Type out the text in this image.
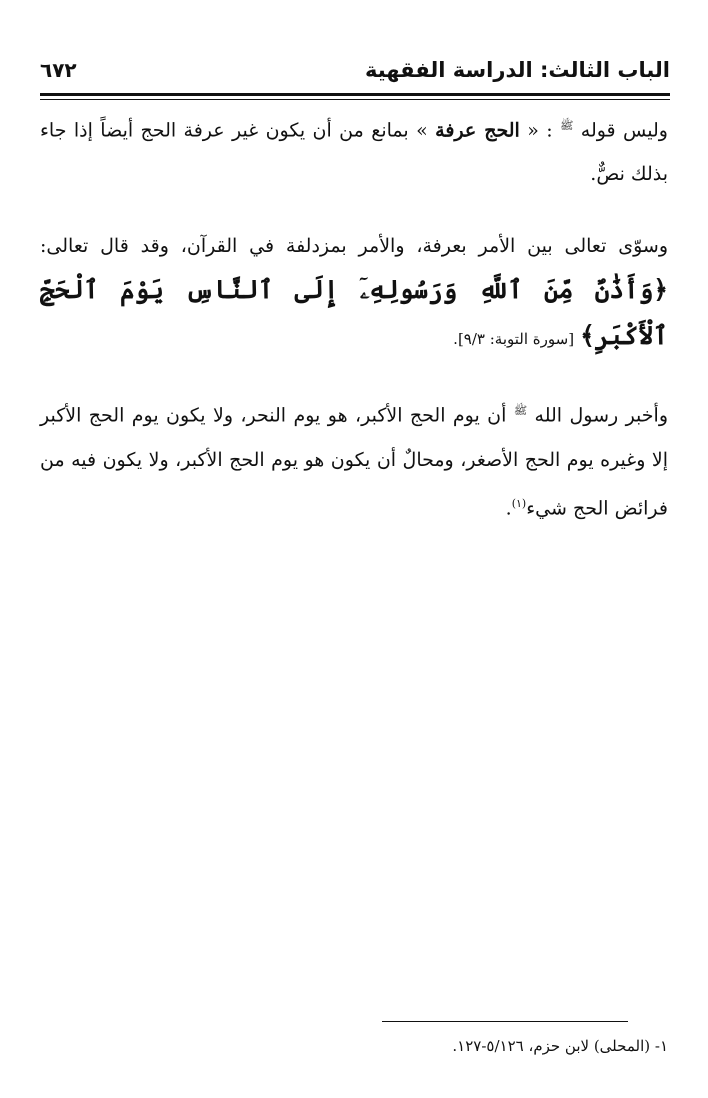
الباب الثالث: الدراسة الفقهية
٦٧٢

وليس قوله $^ﷺ$ : « الحج عرفة » بمانع من أن يكون غير عرفة الحج أيضاً إذا جاء بذلك نصٌّ.

وسوّى تعالى بين الأمر بعرفة، والأمر بمزدلفة في القرآن، وقد قال تعالى: ﴿وَأَذَٰنٌ مِّنَ ٱللَّهِ وَرَسُولِهِۦٓ إِلَى ٱلنَّاسِ يَوْمَ ٱلْحَجِّ ٱلْأَكْبَرِ﴾ [سورة التوبة: ٩/٣].

وأخبر رسول الله $^ﷺ$ أن يوم الحج الأكبر، هو يوم النحر، ولا يكون يوم الحج الأكبر إلا وغيره يوم الحج الأصغر، ومحالٌ أن يكون هو يوم الحج الأكبر، ولا يكون فيه من فرائض الحج شيء$^{(١)}$.

١- (المحلى) لابن حزم، ٥/١٢٦-١٢٧.
